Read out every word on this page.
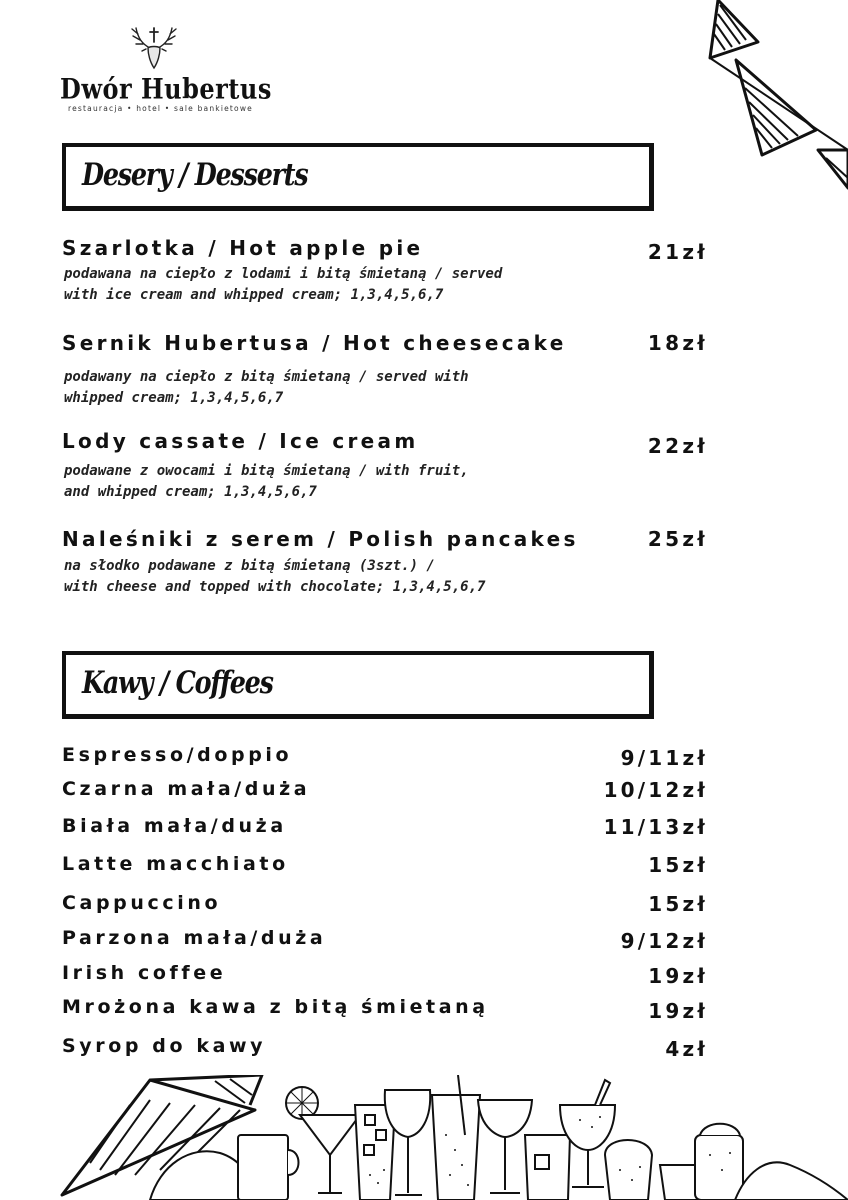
Dwór Hubertus
restauracja • hotel • sale bankietowe
Desery / Desserts
Szarlotka / Hot apple pie	21zł
podawana na ciepło z lodami i bitą śmietaną / served
with ice cream and whipped cream; 1,3,4,5,6,7
Sernik Hubertusa / Hot cheesecake	18zł
podawany na ciepło z bitą śmietaną / served with
whipped cream; 1,3,4,5,6,7
Lody cassate / Ice cream	22zł
podawane z owocami i bitą śmietaną / with fruit,
and whipped cream; 1,3,4,5,6,7
Naleśniki z serem / Polish pancakes	25zł
na słodko podawane z bitą śmietaną (3szt.) /
with cheese and topped with chocolate; 1,3,4,5,6,7
Kawy / Coffees
Espresso/doppio	9/11zł
Czarna mała/duża	10/12zł
Biała mała/duża	11/13zł
Latte macchiato	15zł
Cappuccino	15zł
Parzona mała/duża	9/12zł
Irish coffee	19zł
Mrożona kawa z bitą śmietaną	19zł
Syrop do kawy	4zł
